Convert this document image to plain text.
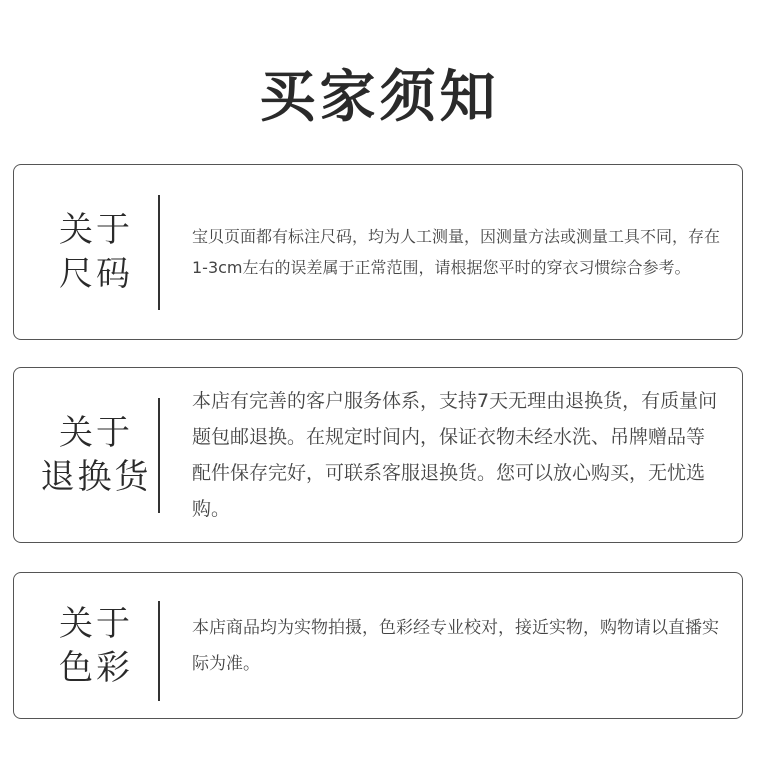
买家须知
关于
尺码

宝贝页面都有标注尺码，均为人工测量，因测量方法或测量工具不同，存在1-3cm左右的误差属于正常范围，请根据您平时的穿衣习惯综合参考。

关于
退换货

本店有完善的客户服务体系，支持7天无理由退换货，有质量问题包邮退换。在规定时间内，保证衣物未经水洗、吊牌赠品等配件保存完好，可联系客服退换货。您可以放心购买，无忧选购。

关于
色彩

本店商品均为实物拍摄，色彩经专业校对，接近实物，购物请以直播实际为准。
